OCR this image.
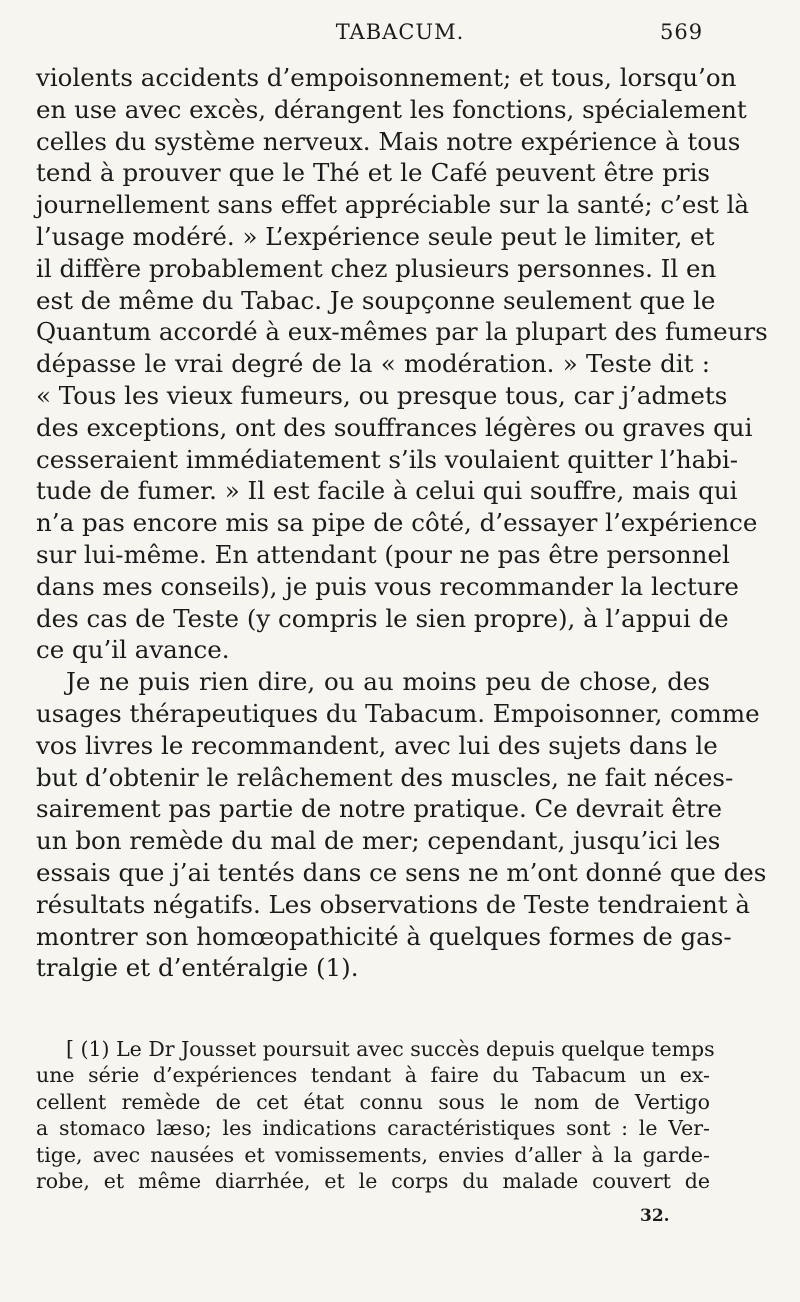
TABACUM.	569
violents accidents d’empoisonnement; et tous, lorsqu’on
en use avec excès, dérangent les fonctions, spécialement
celles du système nerveux. Mais notre expérience à tous
tend à prouver que le Thé et le Café peuvent être pris
journellement sans effet appréciable sur la santé; c’est là
l’usage modéré. » L’expérience seule peut le limiter, et
il diffère probablement chez plusieurs personnes. Il en
est de même du Tabac. Je soupçonne seulement que le
Quantum accordé à eux-mêmes par la plupart des fumeurs
dépasse le vrai degré de la « modération. » Teste dit :
« Tous les vieux fumeurs, ou presque tous, car j’admets
des exceptions, ont des souffrances légères ou graves qui
cesseraient immédiatement s’ils voulaient quitter l’habi-
tude de fumer. » Il est facile à celui qui souffre, mais qui
n’a pas encore mis sa pipe de côté, d’essayer l’expérience
sur lui-même. En attendant (pour ne pas être personnel
dans mes conseils), je puis vous recommander la lecture
des cas de Teste (y compris le sien propre), à l’appui de
ce qu’il avance.
Je ne puis rien dire, ou au moins peu de chose, des
usages thérapeutiques du Tabacum. Empoisonner, comme
vos livres le recommandent, avec lui des sujets dans le
but d’obtenir le relâchement des muscles, ne fait néces-
sairement pas partie de notre pratique. Ce devrait être
un bon remède du mal de mer; cependant, jusqu’ici les
essais que j’ai tentés dans ce sens ne m’ont donné que des
résultats négatifs. Les observations de Teste tendraient à
montrer son homœopathicité à quelques formes de gas-
tralgie et d’entéralgie (1).
[ (1) Le Dr Jousset poursuit avec succès depuis quelque temps
une série d’expériences tendant à faire du Tabacum un ex-
cellent remède de cet état connu sous le nom de Vertigo
a stomaco læso; les indications caractéristiques sont : le Ver-
tige, avec nausées et vomissements, envies d’aller à la garde-
robe, et même diarrhée, et le corps du malade couvert de
32.
